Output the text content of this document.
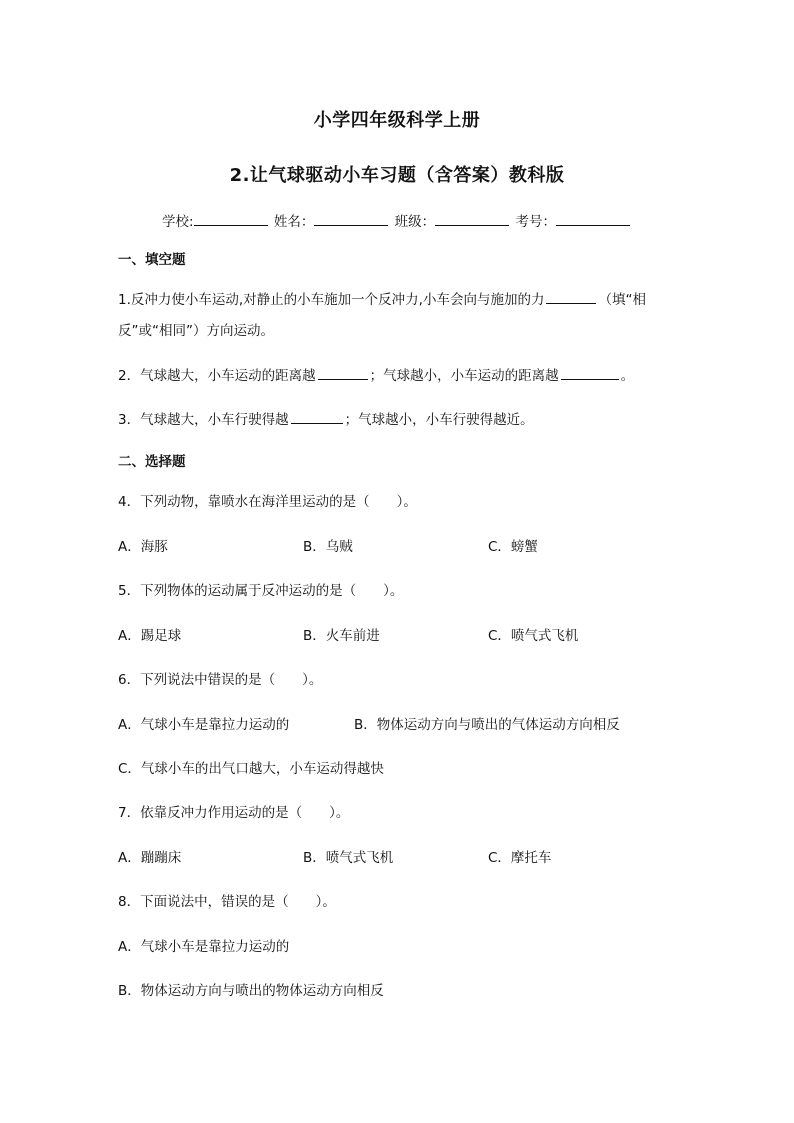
小学四年级科学上册
2.让气球驱动小车习题（含答案）教科版
学校:	姓名：	班级：	考号：
一、填空题
1.反冲力使小车运动,对静止的小车施加一个反冲力,小车会向与施加的力	（填“相
反”或“相同”）方向运动。
2．气球越大，小车运动的距离越	；气球越小，小车运动的距离越	。
3．气球越大，小车行驶得越	；气球越小，小车行驶得越近。
二、选择题
4．下列动物，靠喷水在海洋里运动的是（　　）。
A．海豚	B．乌贼	C．螃蟹
5．下列物体的运动属于反冲运动的是（　　）。
A．踢足球	B．火车前进	C．喷气式飞机
6．下列说法中错误的是（　　）。
A．气球小车是靠拉力运动的	B．物体运动方向与喷出的气体运动方向相反
C．气球小车的出气口越大，小车运动得越快
7．依靠反冲力作用运动的是（　　）。
A．蹦蹦床	B．喷气式飞机	C．摩托车
8．下面说法中，错误的是（　　）。
A．气球小车是靠拉力运动的
B．物体运动方向与喷出的物体运动方向相反
